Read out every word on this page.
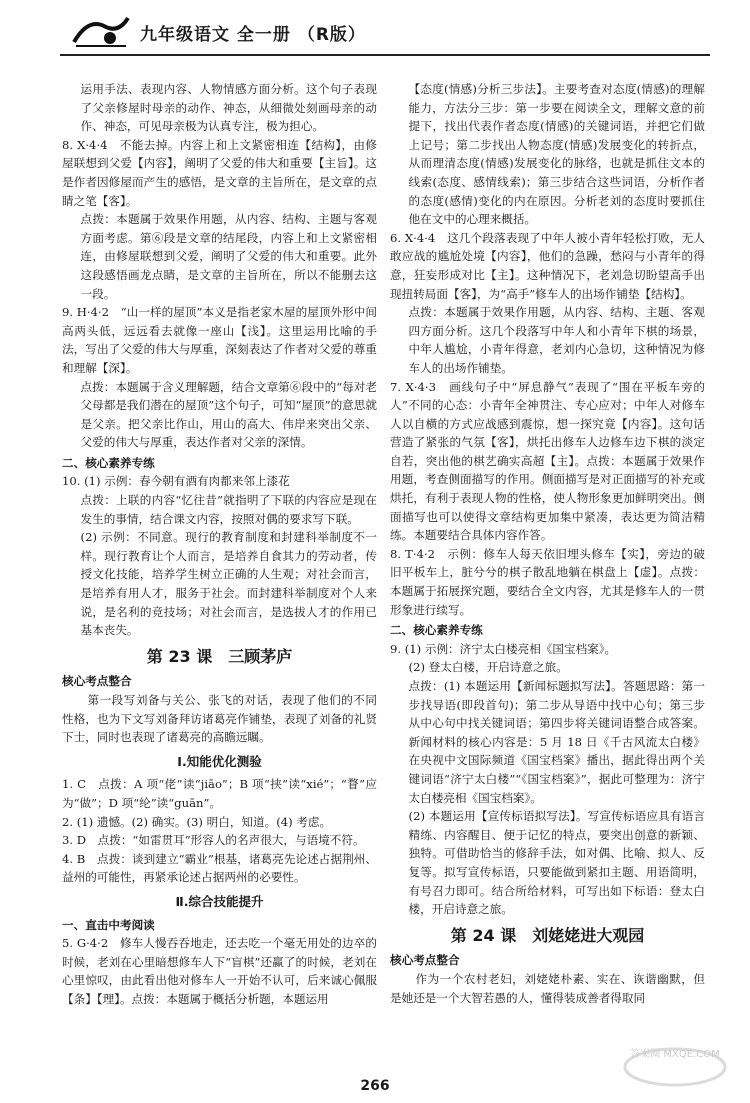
九年级语文 全一册 （R版）

运用手法、表现内容、人物情感方面分析。这个句子表现了父亲修屋时母亲的动作、神态，从细微处刻画母亲的动作、神态，可见母亲极为认真专注，极为担心。

8. X·4·4　不能去掉。内容上和上文紧密相连【结构】，由修屋联想到父爱【内容】，阐明了父爱的伟大和重要【主旨】。这是作者因修屋而产生的感悟，是文章的主旨所在，是文章的点睛之笔【客】。

点拨：本题属于效果作用题，从内容、结构、主题与客观方面考虑。第⑥段是文章的结尾段，内容上和上文紧密相连，由修屋联想到父爱，阐明了父爱的伟大和重要。此外这段感悟画龙点睛，是文章的主旨所在，所以不能删去这一段。

9. H·4·2　“山一样的屋顶”本义是指老家木屋的屋顶外形中间高两头低，远远看去就像一座山【浅】。这里运用比喻的手法，写出了父爱的伟大与厚重，深刻表达了作者对父爱的尊重和理解【深】。

点拨：本题属于含义理解题，结合文章第⑥段中的“每对老父母都是我们潜在的屋顶”这个句子，可知“屋顶”的意思就是父亲。把父亲比作山，用山的高大、伟岸来突出父亲、父爱的伟大与厚重，表达作者对父亲的深情。

二、核心素养专练

10. (1) 示例：春今朝有酒有肉都来邻上漆花

点拨：上联的内容“忆往昔”就指明了下联的内容应是现在发生的事情，结合课文内容，按照对偶的要求写下联。

(2) 示例：不同意。现行的教育制度和封建科举制度不一样。现行教育让个人而言，是培养自食其力的劳动者，传授文化技能，培养学生树立正确的人生观；对社会而言，是培养有用人才，服务于社会。而封建科举制度对个人来说，是名利的竞技场；对社会而言，是选拔人才的作用已基本丧失。

第 23 课　三顾茅庐

核心考点整合

第一段写刘备与关公、张飞的对话，表现了他们的不同性格，也为下文写刘备拜访诸葛亮作铺垫，表现了刘备的礼贤下士，同时也表现了诸葛亮的高瞻远瞩。

Ⅰ.知能优化测验

1. C　点拨：A 项“佬”读“jiāo”；B 项“挟”读“xié”；“瞀”应为“做”；D 项“纶”读“guān”。

2. (1) 遗憾。(2) 确实。(3) 明白，知道。(4) 考虑。

3. D　点拨：“如雷贯耳”形容人的名声很大，与语境不符。

4. B　点拨：谈到建立“霸业”根基，诸葛亮先论述占据荆州、益州的可能性，再紧承论述占据两州的必要性。

Ⅱ.综合技能提升

一、直击中考阅读

5. G·4·2　修车人慢吞吞地走，还去吃一个毫无用处的边卒的时候，老刘在心里暗想修车人下“盲棋”还赢了的时候，老刘在心里惊叹，由此看出他对修车人一开始不认可，后来诚心佩服【条】【理】。点拨：本题属于概括分析题，本题运用

【态度(情感)分析三步法】。主要考查对态度(情感)的理解能力，方法分三步：第一步要在阅读全文，理解文意的前提下，找出代表作者态度(情感)的关键词语，并把它们做上记号；第二步找出人物态度(情感)发展变化的转折点，从而理清态度(情感)发展变化的脉络，也就是抓住文本的线索(态度、感情线索)；第三步结合这些词语，分析作者的态度(感情)变化的内在原因。分析老刘的态度时要抓住他在文中的心理来概括。

6. X·4·4　这几个段落表现了中年人被小青年轻松打败，无人敢应战的尴尬处境【内容】，他们的急躁，愁闷与小青年的得意，狂妄形成对比【主】。这种情况下，老刘急切盼望高手出现扭转局面【客】，为“高手”修车人的出场作铺垫【结构】。

点拨：本题属于效果作用题，从内容、结构、主题、客观四方面分析。这几个段落写中年人和小青年下棋的场景，中年人尴尬，小青年得意，老刘内心急切，这种情况为修车人的出场作铺垫。

7. X·4·3　画线句子中“屏息静气”表现了“围在平板车旁的人”不同的心态：小青年全神贯注、专心应对；中年人对修车人以自横的方式应战感到震惊，想一探究竟【内容】。这句话营造了紧张的气氛【客】，烘托出修车人边修车边下棋的淡定自若，突出他的棋艺确实高超【主】。点拨：本题属于效果作用题，考查侧面描写的作用。侧面描写是对正面描写的补充或烘托，有利于表现人物的性格，使人物形象更加鲜明突出。侧面描写也可以使得文章结构更加集中紧凑，表达更为简洁精练。本题要结合具体内容作答。

8. T·4·2　示例：修车人每天依旧埋头修车【实】，旁边的破旧平板车上，脏兮兮的棋子散乱地躺在棋盘上【虚】。点拨：本题属于拓展探究题，要结合全文内容，尤其是修车人的一贯形象进行续写。

二、核心素养专练

9. (1) 示例：济宁太白楼亮相《国宝档案》。

(2) 登太白楼，开启诗意之旅。

点拨：(1) 本题运用【新闻标题拟写法】。答题思路：第一步找导语(即段首句)；第二步从导语中找中心句；第三步从中心句中找关键词语；第四步将关键词语整合成答案。新闻材料的核心内容是：5 月 18 日《千古风流太白楼》在央视中文国际频道《国宝档案》播出，据此得出两个关键词语“济宁太白楼”“《国宝档案》”，据此可整理为：济宁太白楼亮相《国宝档案》。

(2) 本题运用【宣传标语拟写法】。写宣传标语应具有语言精练、内容醒目、便于记忆的特点，要突出创意的新颖、独特。可借助恰当的修辞手法，如对偶、比喻、拟人、反复等。拟写宣传标语，只要能做到紧扣主题、用语简明，有号召力即可。结合所给材料，可写出如下标语：登太白楼，开启诗意之旅。

第 24 课　刘姥姥进大观园

核心考点整合

作为一个农村老妇，刘姥姥朴素、实在、诙谐幽默，但是她还是一个大智若愚的人，懂得装成善者得取同

266
答案圈 MXQE.COM
